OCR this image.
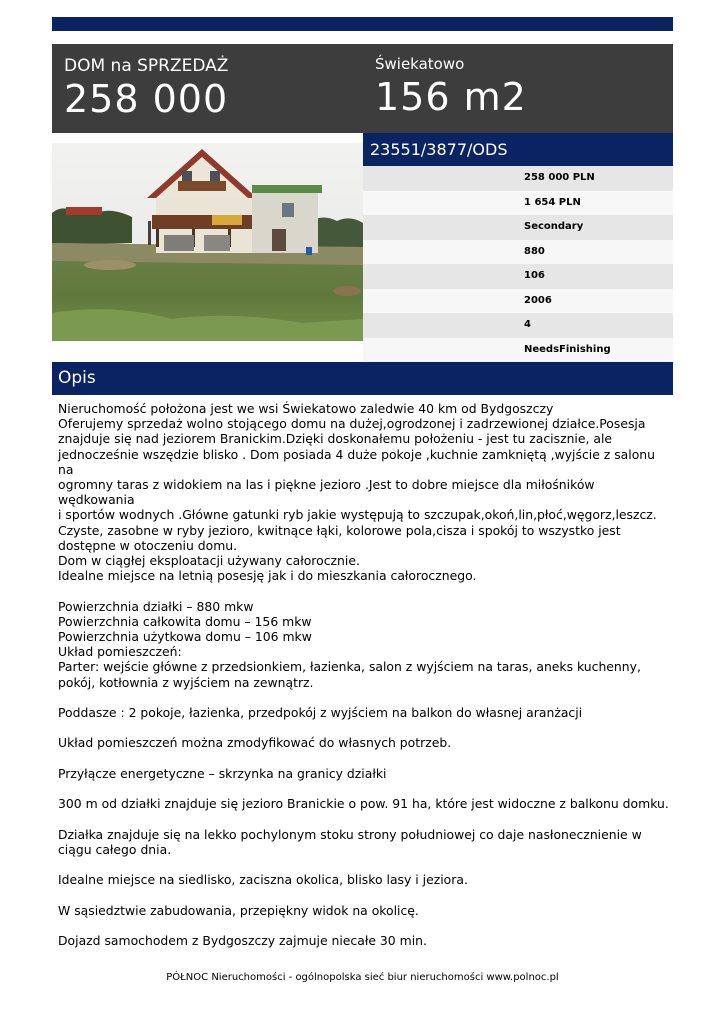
DOM na SPRZEDAŻ
258 000
Świekatowo
156 m2
23551/3877/ODS
258 000 PLN
1 654 PLN
Secondary
880
106
2006
4
NeedsFinishing
Opis

Nieruchomość położona jest we wsi Świekatowo zaledwie 40 km od Bydgoszczy

Oferujemy sprzedaż wolno stojącego domu na dużej,ogrodzonej i zadrzewionej działce.Posesja

znajduje się nad jeziorem Branickim.Dzięki doskonałemu położeniu - jest tu zacisznie, ale

jednocześnie wszędzie blisko . Dom posiada 4 duże pokoje ,kuchnie zamkniętą ,wyjście z salonu na

ogromny taras z widokiem na las i piękne jezioro .Jest to dobre miejsce dla miłośników wędkowania

i sportów wodnych .Główne gatunki ryb jakie występują to szczupak,okoń,lin,płoć,węgorz,leszcz.

Czyste, zasobne w ryby jezioro, kwitnące łąki, kolorowe pola,cisza i spokój to wszystko jest

dostępne w otoczeniu domu.

Dom w ciągłej eksploatacji używany całorocznie.

Idealne miejsce na letnią posesję jak i do mieszkania całorocznego.

Powierzchnia działki – 880 mkw

Powierzchnia całkowita domu – 156 mkw

Powierzchnia użytkowa domu – 106 mkw

Układ pomieszczeń:

Parter: wejście główne z przedsionkiem, łazienka, salon z wyjściem na taras, aneks kuchenny,

pokój, kotłownia z wyjściem na zewnątrz.

Poddasze : 2 pokoje, łazienka, przedpokój z wyjściem na balkon do własnej aranżacji

Układ pomieszczeń można zmodyfikować do własnych potrzeb.

Przyłącze energetyczne – skrzynka na granicy działki

300 m od działki znajduje się jezioro Branickie o pow. 91 ha, które jest widoczne z balkonu domku.

Działka znajduje się na lekko pochylonym stoku strony południowej co daje nasłonecznienie w

ciągu całego dnia.

Idealne miejsce na siedlisko, zaciszna okolica, blisko lasy i jeziora.

W sąsiedztwie zabudowania, przepiękny widok na okolicę.

Dojazd samochodem z Bydgoszczy zajmuje niecałe 30 min.

PÓŁNOC Nieruchomości - ogólnopolska sieć biur nieruchomości www.polnoc.pl
